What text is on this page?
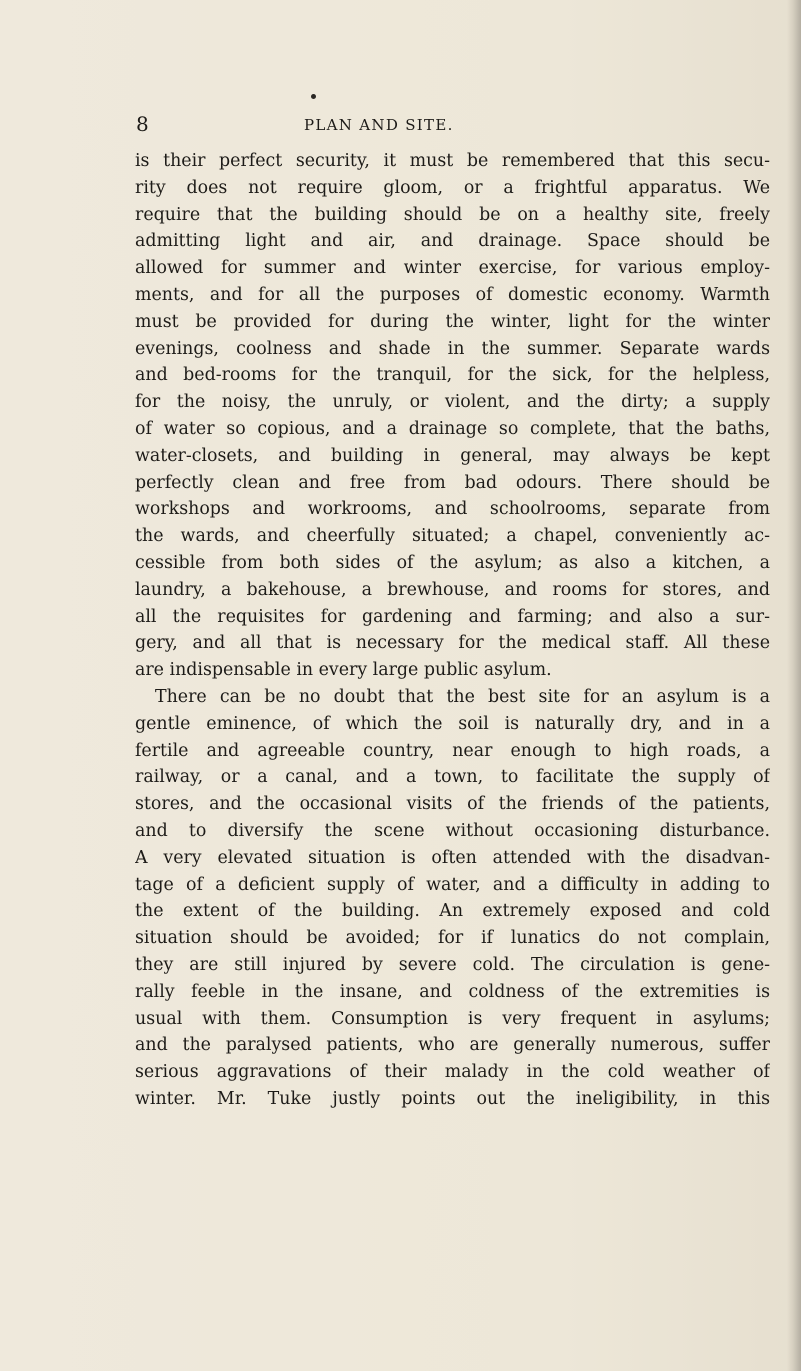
8	PLAN AND SITE.
is their perfect security, it must be remembered that this secu-
rity does not require gloom, or a frightful apparatus. We
require that the building should be on a healthy site, freely
admitting light and air, and drainage. Space should be
allowed for summer and winter exercise, for various employ-
ments, and for all the purposes of domestic economy. Warmth
must be provided for during the winter, light for the winter
evenings, coolness and shade in the summer. Separate wards
and bed-rooms for the tranquil, for the sick, for the helpless,
for the noisy, the unruly, or violent, and the dirty; a supply
of water so copious, and a drainage so complete, that the baths,
water-closets, and building in general, may always be kept
perfectly clean and free from bad odours. There should be
workshops and workrooms, and schoolrooms, separate from
the wards, and cheerfully situated; a chapel, conveniently ac-
cessible from both sides of the asylum; as also a kitchen, a
laundry, a bakehouse, a brewhouse, and rooms for stores, and
all the requisites for gardening and farming; and also a sur-
gery, and all that is necessary for the medical staff. All these
are indispensable in every large public asylum.
There can be no doubt that the best site for an asylum is a
gentle eminence, of which the soil is naturally dry, and in a
fertile and agreeable country, near enough to high roads, a
railway, or a canal, and a town, to facilitate the supply of
stores, and the occasional visits of the friends of the patients,
and to diversify the scene without occasioning disturbance.
A very elevated situation is often attended with the disadvan-
tage of a deficient supply of water, and a difficulty in adding to
the extent of the building. An extremely exposed and cold
situation should be avoided; for if lunatics do not complain,
they are still injured by severe cold. The circulation is gene-
rally feeble in the insane, and coldness of the extremities is
usual with them. Consumption is very frequent in asylums;
and the paralysed patients, who are generally numerous, suffer
serious aggravations of their malady in the cold weather of
winter. Mr. Tuke justly points out the ineligibility, in this
